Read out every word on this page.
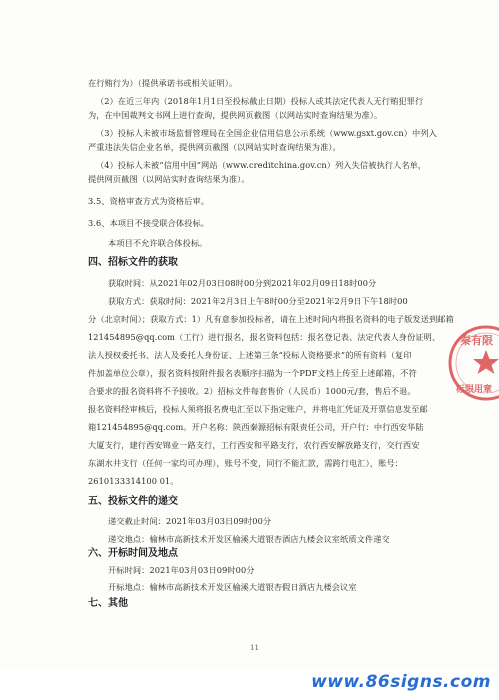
在行贿行为）（提供承诺书或相关证明）。
（2）在近三年内（2018年1月1日至投标截止日期）投标人或其法定代表人无行贿犯罪行
为，在中国裁判文书网上进行查询，提供网页截图（以网站实时查询结果为准）。
（3）投标人未被市场监督管理局在全国企业信用信息公示系统（www.gsxt.gov.cn）中列入
严重违法失信企业名单，提供网页截图（以网站实时查询结果为准）。
（4）投标人未被“信用中国”网站（www.creditchina.gov.cn）列入失信被执行人名单，
提供网页截图（以网站实时查询结果为准）。
3.5、资格审查方式为资格后审。
3.6、本项目不接受联合体投标。
本项目不允许联合体投标。
四、招标文件的获取
获取时间：从2021年02月03日08时00分到2021年02月09日18时00分
获取方式：获取时间：2021年2月3日上午8时00分至2021年2月9日下午18时00
分（北京时间）；获取方式：1）凡有意参加投标者，请在上述时间内将报名资料的电子版发送到邮箱
121454895@qq.com（工行）进行报名，报名资料包括：报名登记表、法定代表人身份证明、
法人授权委托书、法人及委托人身份证、上述第三条“投标人资格要求”的所有资料（复印
件加盖单位公章），报名资料按附件报名表顺序扫描为一个PDF文档上传至上述邮箱，不符
合要求的报名资料将不予接收。2）招标文件每套售价（人民币）1000元/套，售后不退。
报名资料经审核后，投标人须将报名费电汇至以下指定账户，并将电汇凭证及开票信息发至邮
箱121454895@qq.com。开户名称：陕西秦源招标有限责任公司，开户行：中行西安华陆
大厦支行，建行西安锦业一路支行，工行西安和平路支行，农行西安解放路支行，交行西安
东湖水井支行（任何一家均可办理），账号不变，同行不能汇款，需跨行电汇），账号：
2610133314100 01。
五、投标文件的递交
递交截止时间：2021年03月03日09时00分
递交地点：榆林市高新技术开发区榆溪大道银杏酒店九楼会议室纸质文件递交
六、开标时间及地点
开标时间：2021年03月03日09时00分
开标地点：榆林市高新技术开发区榆溪大道银杏假日酒店九楼会议室
七、其他
11
秦有限
标限用章
www.86signs.com
